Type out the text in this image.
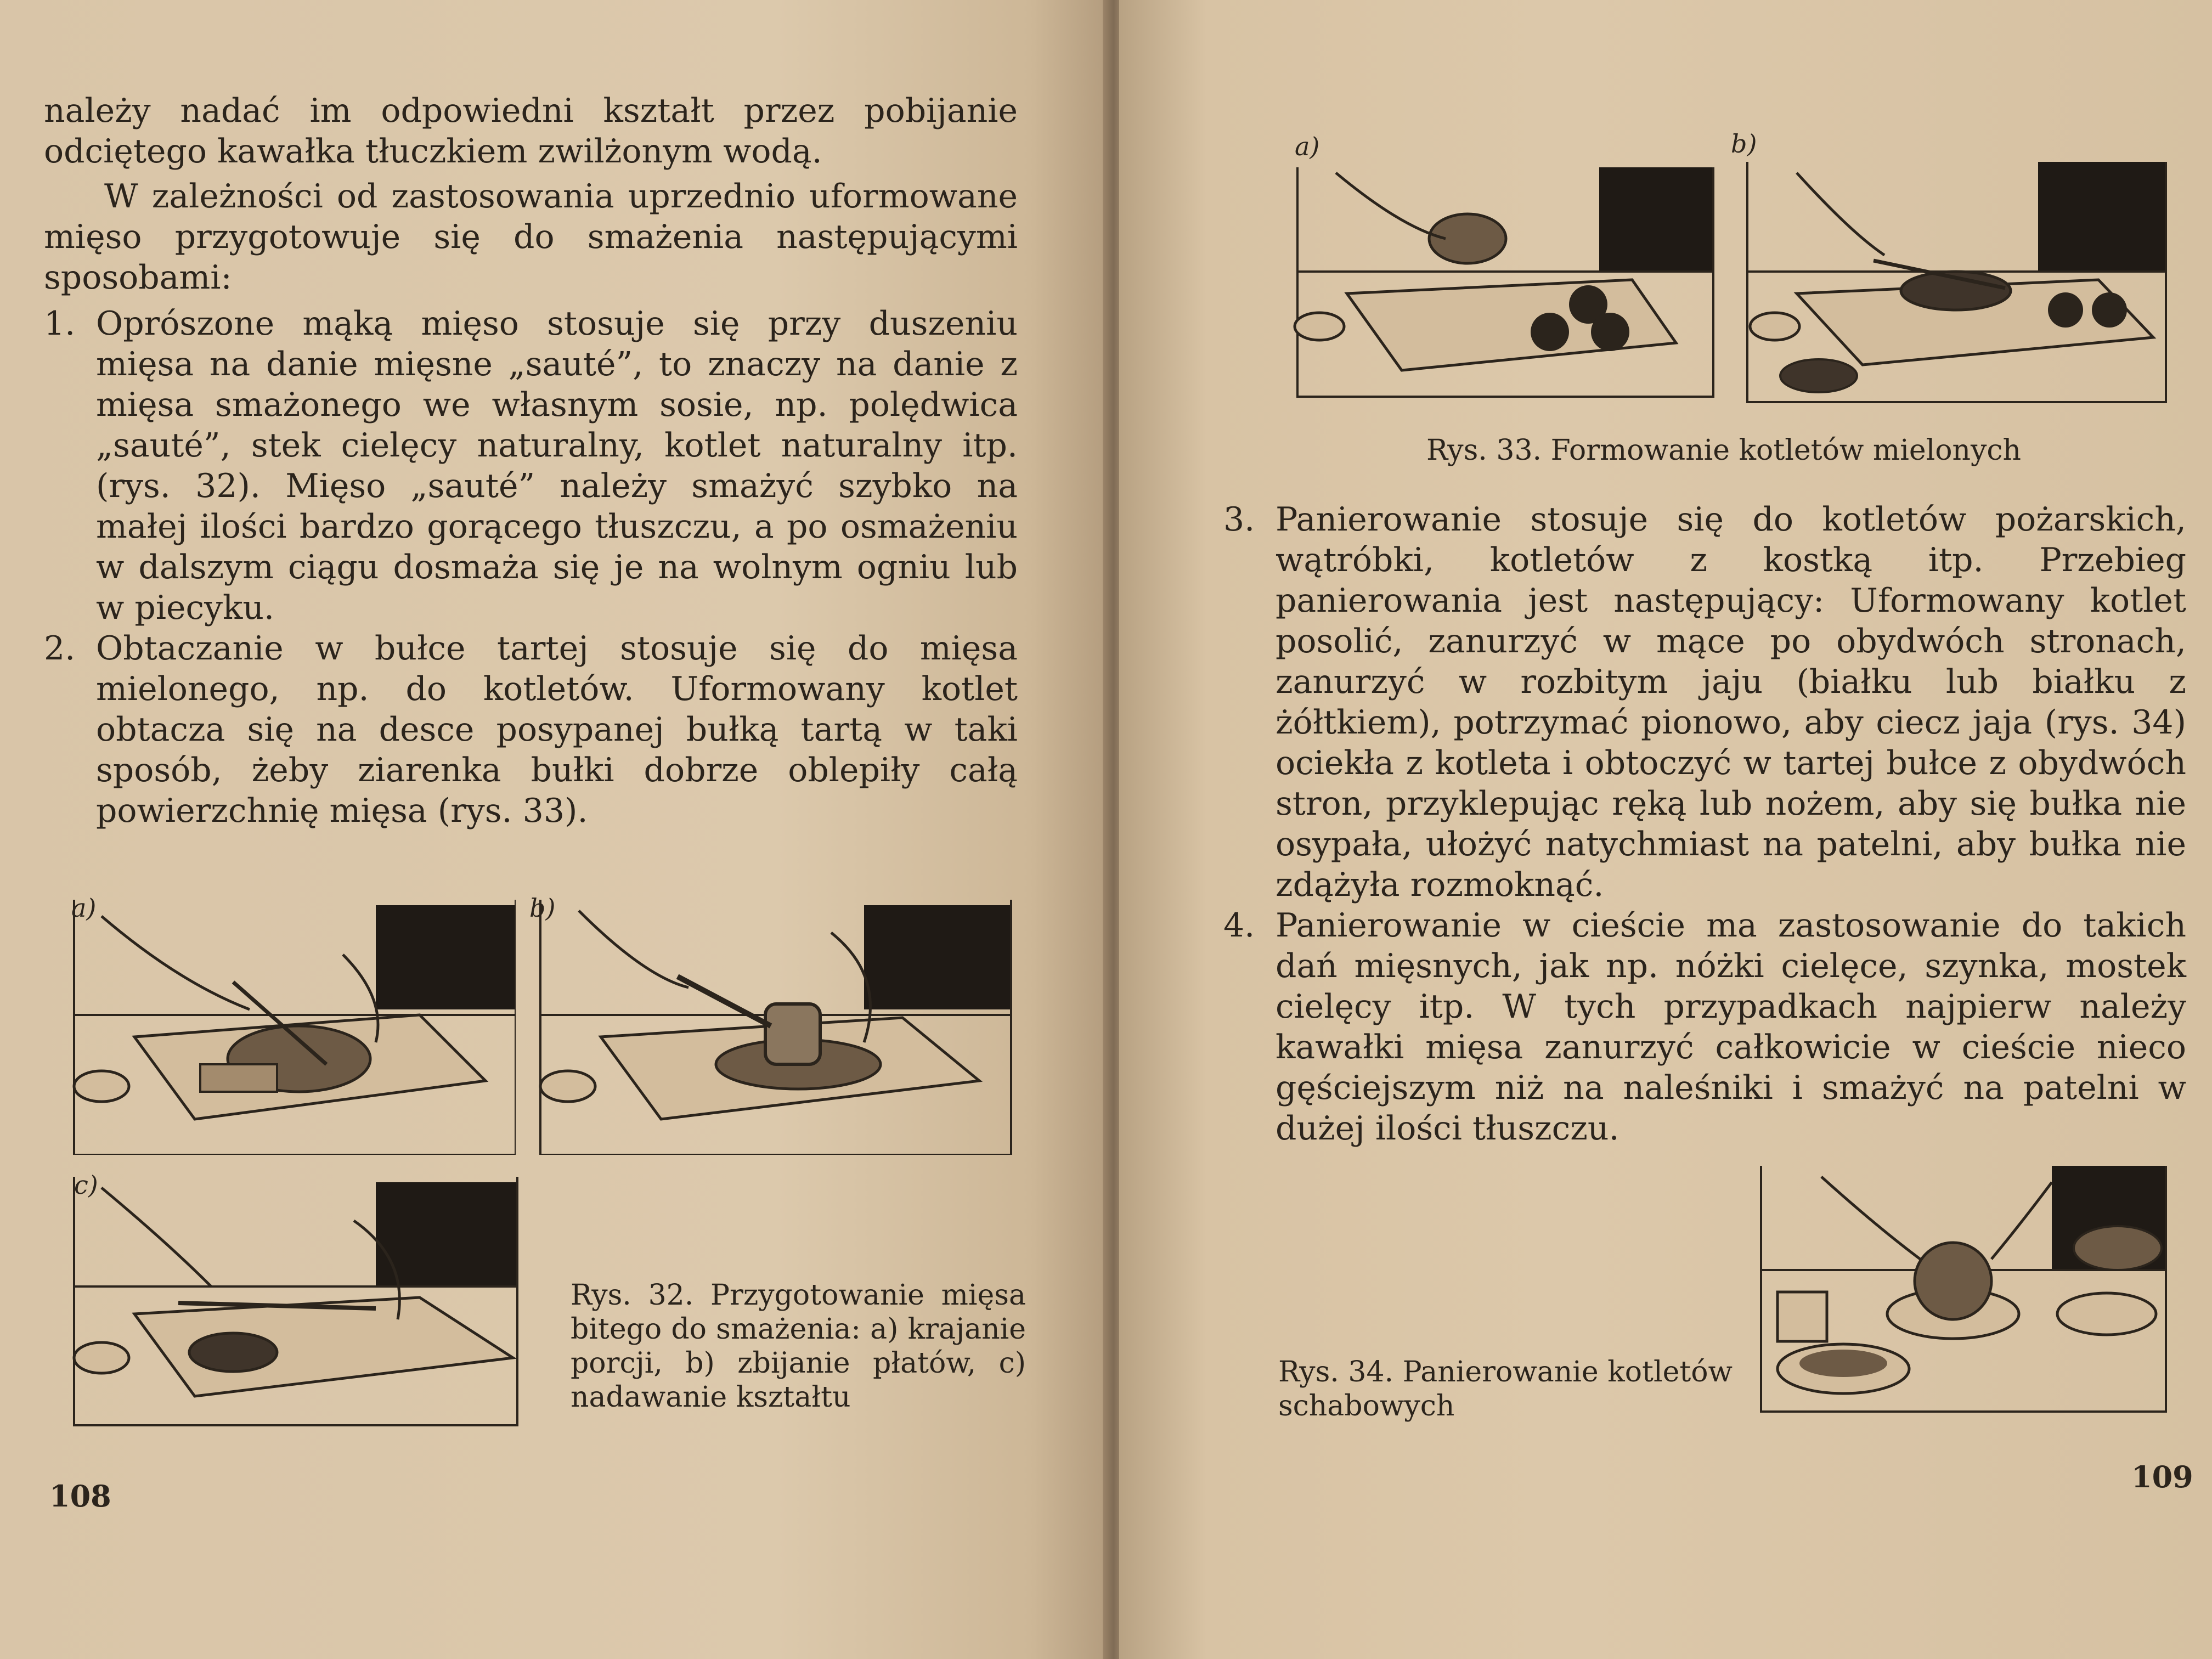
należy nadać im odpowiedni kształt przez pobijanie odciętego kawałka tłuczkiem zwilżonym wodą.

W zależności od zastosowania uprzednio uformowane mięso przygotowuje się do smażenia następującymi sposobami:

1. Oprószone mąką mięso stosuje się przy duszeniu mięsa na danie mięsne „sauté”, to znaczy na danie z mięsa smażonego we własnym sosie, np. polędwica „sauté”, stek cielęcy naturalny, kotlet naturalny itp. (rys. 32). Mięso „sauté” należy smażyć szybko na małej ilości bardzo gorącego tłuszczu, a po osmażeniu w dalszym ciągu dosmaża się je na wolnym ogniu lub w piecyku.
2. Obtaczanie w bułce tartej stosuje się do mięsa mielonego, np. do kotletów. Uformowany kotlet obtacza się na desce posypanej bułką tartą w taki sposób, żeby ziarenka bułki dobrze oblepiły całą powierzchnię mięsa (rys. 33).
a)	b)
c)
Rys. 32. Przygotowanie mięsa bitego do smażenia: a) krajanie porcji, b) zbijanie płatów, c) nadawanie kształtu
108
a)	b)
Rys. 33. Formowanie kotletów mielonych
3. Panierowanie stosuje się do kotletów pożarskich, wątróbki, kotletów z kostką itp. Przebieg panierowania jest następujący: Uformowany kotlet posolić, zanurzyć w mące po obydwóch stronach, zanurzyć w rozbitym jaju (białku lub białku z żółtkiem), potrzymać pionowo, aby ciecz jaja (rys. 34) ociekła z kotleta i obtoczyć w tartej bułce z obydwóch stron, przyklepując ręką lub nożem, aby się bułka nie osypała, ułożyć natychmiast na patelni, aby bułka nie zdążyła rozmoknąć.
4. Panierowanie w cieście ma zastosowanie do takich dań mięsnych, jak np. nóżki cielęce, szynka, mostek cielęcy itp. W tych przypadkach najpierw należy kawałki mięsa zanurzyć całkowicie w cieście nieco gęściejszym niż na naleśniki i smażyć na patelni w dużej ilości tłuszczu.
Rys. 34. Panierowanie kotletów schabowych
109
